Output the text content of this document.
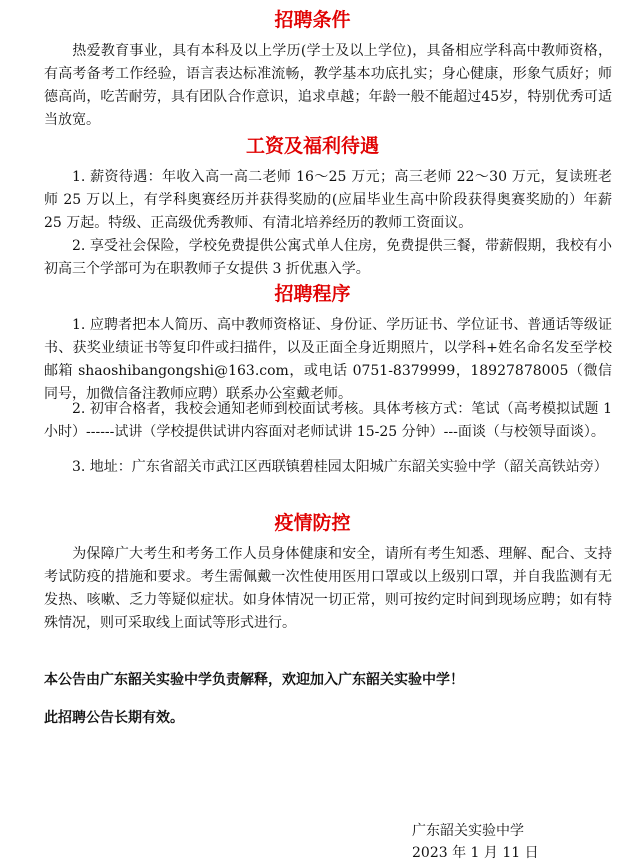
招聘条件
热爱教育事业，具有本科及以上学历(学士及以上学位)，具备相应学科高中教师资格，有高考备考工作经验，语言表达标准流畅，教学基本功底扎实；身心健康，形象气质好；师德高尚，吃苦耐劳，具有团队合作意识，追求卓越；年龄一般不能超过45岁，特别优秀可适当放宽。
工资及福利待遇
1. 薪资待遇：年收入高一高二老师 16～25 万元；高三老师 22～30 万元，复读班老师 25 万以上，有学科奥赛经历并获得奖励的(应届毕业生高中阶段获得奥赛奖励的）年薪 25 万起。特级、正高级优秀教师、有清北培养经历的教师工资面议。
2. 享受社会保险，学校免费提供公寓式单人住房，免费提供三餐，带薪假期，我校有小初高三个学部可为在职教师子女提供 3 折优惠入学。
招聘程序
1. 应聘者把本人简历、高中教师资格证、身份证、学历证书、学位证书、普通话等级证书、获奖业绩证书等复印件或扫描件，以及正面全身近期照片，以学科+姓名命名发至学校邮箱 shaoshibangongshi@163.com，或电话 0751-8379999，18927878005（微信同号，加微信备注教师应聘）联系办公室戴老师。
2. 初审合格者，我校会通知老师到校面试考核。具体考核方式：笔试（高考模拟试题 1 小时）------试讲（学校提供试讲内容面对老师试讲 15-25 分钟）---面谈（与校领导面谈）。
3. 地址：广东省韶关市武江区西联镇碧桂园太阳城广东韶关实验中学（韶关高铁站旁）
疫情防控
为保障广大考生和考务工作人员身体健康和安全，请所有考生知悉、理解、配合、支持考试防疫的措施和要求。考生需佩戴一次性使用医用口罩或以上级别口罩，并自我监测有无发热、咳嗽、乏力等疑似症状。如身体情况一切正常，则可按约定时间到现场应聘；如有特殊情况，则可采取线上面试等形式进行。
本公告由广东韶关实验中学负责解释，欢迎加入广东韶关实验中学！
此招聘公告长期有效。
广东韶关实验中学
2023 年 1 月 11 日
